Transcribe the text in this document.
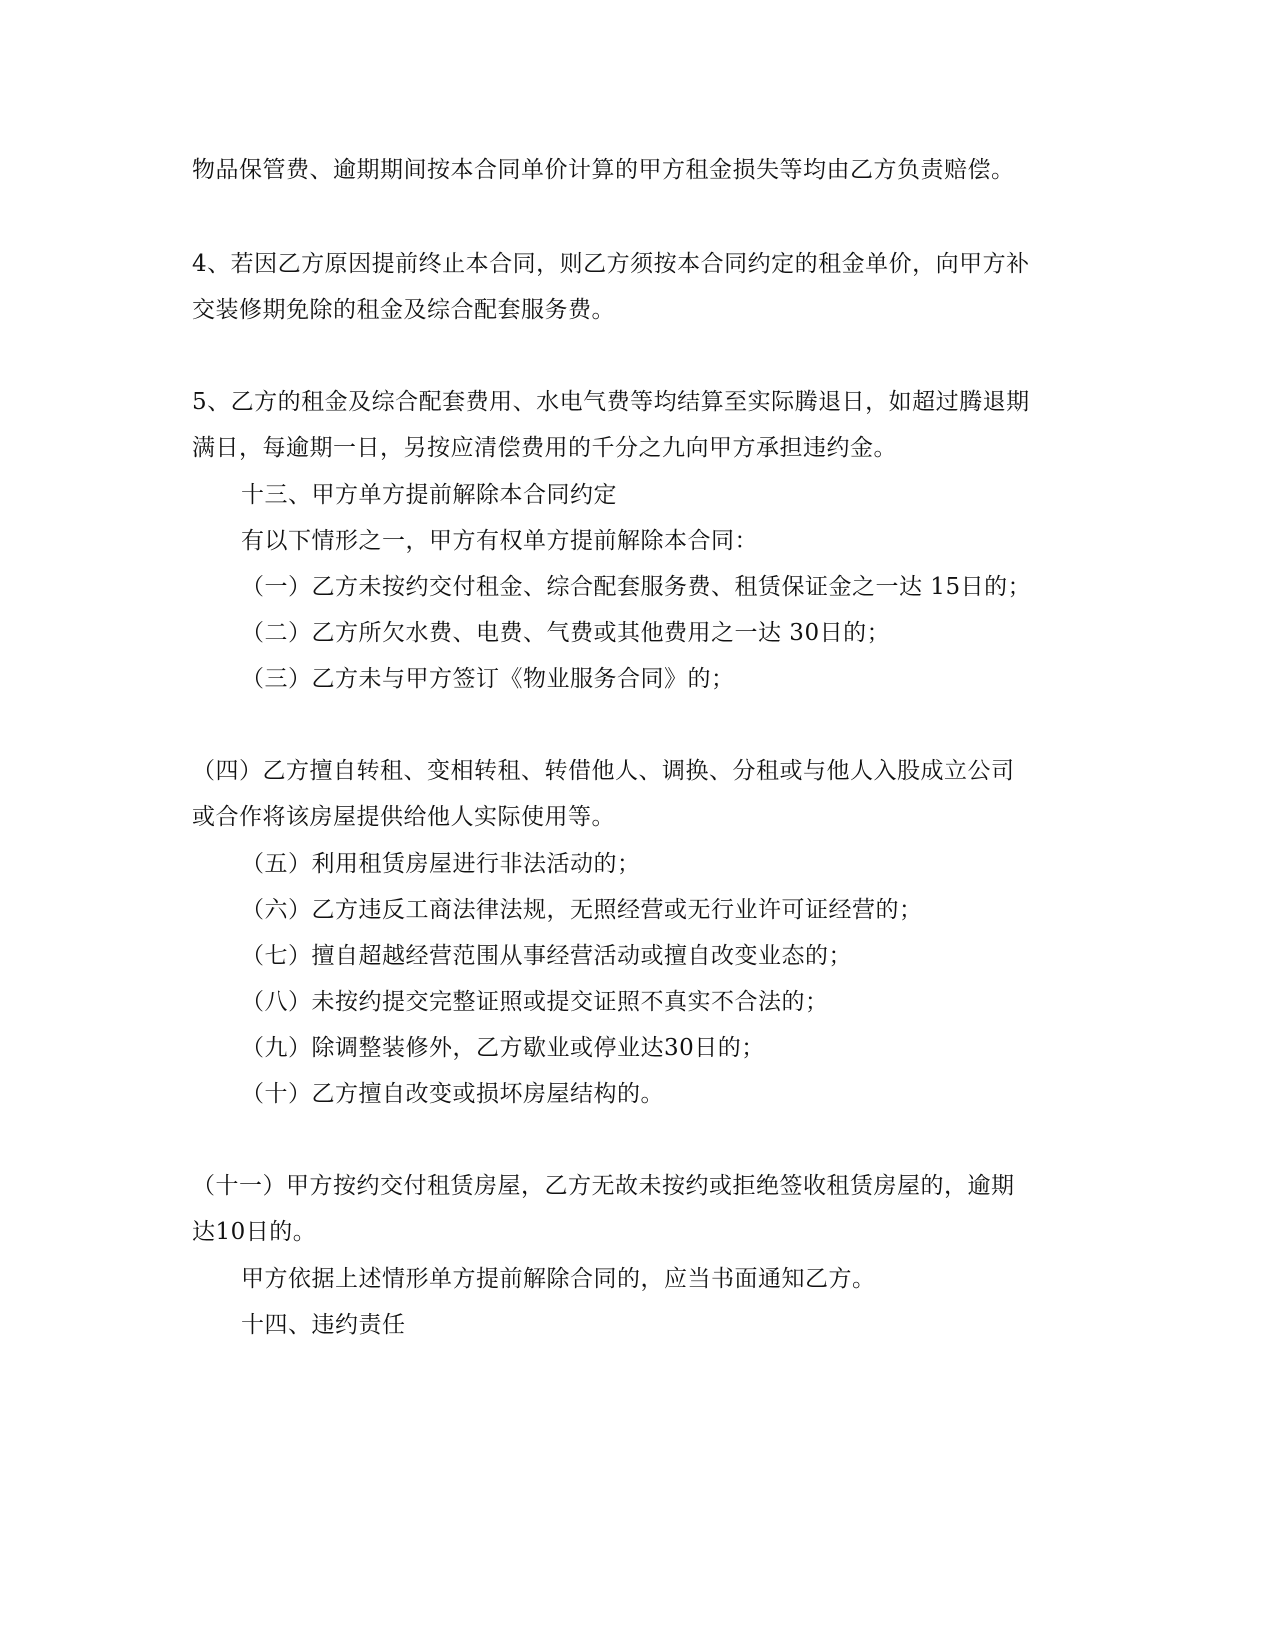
物品保管费、逾期期间按本合同单价计算的甲方租金损失等均由乙方负责赔偿。
4、若因乙方原因提前终止本合同，则乙方须按本合同约定的租金单价，向甲方补
交装修期免除的租金及综合配套服务费。
5、乙方的租金及综合配套费用、水电气费等均结算至实际腾退日，如超过腾退期
满日，每逾期一日，另按应清偿费用的千分之九向甲方承担违约金。
十三、甲方单方提前解除本合同约定
有以下情形之一，甲方有权单方提前解除本合同：
（一）乙方未按约交付租金、综合配套服务费、租赁保证金之一达 15日的；
（二）乙方所欠水费、电费、气费或其他费用之一达 30日的；
（三）乙方未与甲方签订《物业服务合同》的；
（四）乙方擅自转租、变相转租、转借他人、调换、分租或与他人入股成立公司
或合作将该房屋提供给他人实际使用等。
（五）利用租赁房屋进行非法活动的；
（六）乙方违反工商法律法规，无照经营或无行业许可证经营的；
（七）擅自超越经营范围从事经营活动或擅自改变业态的；
（八）未按约提交完整证照或提交证照不真实不合法的；
（九）除调整装修外，乙方歇业或停业达30日的；
（十）乙方擅自改变或损坏房屋结构的。
（十一）甲方按约交付租赁房屋，乙方无故未按约或拒绝签收租赁房屋的，逾期
达10日的。
甲方依据上述情形单方提前解除合同的，应当书面通知乙方。
十四、违约责任
